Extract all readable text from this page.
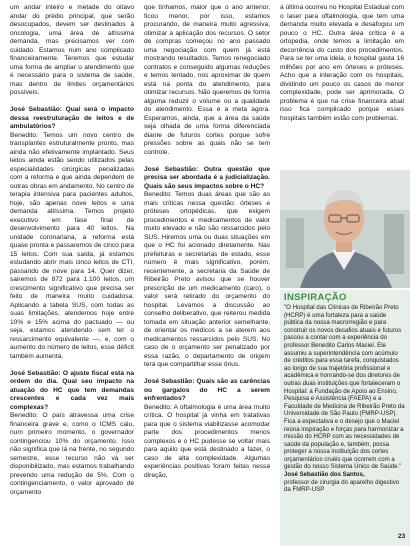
um andar inteiro e metade do oitavo andar do prédio principal, que serão desocupados, devem ser destinados à oncologia, uma área de altíssima demanda, mas precisamos ver com cuidado. Estamos num ano complicado financeiramente. Teremos que estudar uma forma de ampliar o atendimento que é necessário para o sistema de saúde, mas dentro de limites orçamentários possíveis.

José Sebastião: Qual será o impacto dessa reestruturação de leitos e de ambulatórios?

Benedito: Temos um novo centro de transplantes estruturalmente pronto, mas ainda não efetivamente implantado. Seus leitos ainda estão sendo utilizados pelas especialidades cirúrgicas penalizadas com a reforma e que ainda dependem de outras obras em andamento. No centro de terapia intensiva para pacientes adultos, hoje, são apenas nove leitos e uma demanda altíssima. Temos projeto executivo em fase final de desenvolvimento para 40 leitos. Na unidade coronariana, a reforma está quase pronta e passaremos de cinco para 15 leitos. Com sua saída, já estamos estudando abrir mais cinco leitos de CTI, passando de nove para 14. Quer dizer, sairemos de 872 para 1.100 leitos, um crescimento significativo que precisa ser feito de maneira muito cuidadosa. Aplicando a tabela SUS, com todas as suas limitações, atendemos hoje entre 10% e 15% acima do pactuado — ou seja, estamos atendendo sem ter o ressarcimento equivalente —, e, com o aumento do número de leitos, esse déficit também aumenta.

José Sebastião: O ajuste fiscal está na ordem do dia. Qual seu impacto na atuação do HC que tem demandas crescentes e cada vez mais complexas?

Benedito: O país atravessa uma crise financeira grave e, como o ICMS caiu, num primeiro momento, o governador contingenciou 10% do orçamento. Isso não significa que lá na frente, no segundo semestre, esse recurso não vá ser disponibilizado, mas estamos trabalhando prevendo uma redução de 5%. Com o contingenciamento, o valor aprovado de orçamento

que tínhamos, maior que o ano anterior, ficou menor, por isso, estamos procurando, de maneira muito agressiva, otimizar a aplicação dos recursos. O setor de compras começou no ano passado uma negociação com quem já está mostrando resultados. Temos renegociado contratos e conseguido algumas reduções e temos tentado, nos aproximar de quem está na ponta do atendimento, para otimizar recursos. Não queremos de forma alguma reduzir o volume ou a qualidade do atendimento. Essa é a meta agora. Esperamos, ainda, que a área da saúde seja olhada de uma forma diferenciada diante de futuros cortes porque sofre pressões sobre as quais não se tem controle.

José Sebastião: Outra questão que precisa ser abordada é a judicialização. Quais são seus impactos sobre o HC?

Benedito: Temos duas áreas que são as mais críticas nessa questão: órteses e próteses ortopédicas, que exigem procedimentos e medicamentos de valor muito elevado e não são ressarcidos pelo SUS. Hiremos uma ou duas situações em que o HC foi acionado diretamente. Nas prefeituras e secretarias de estado, esse número é mais significativo, porém, recentemente, a secretaria da Saúde de Ribeirão Preto avisou que se houver prescrição de um medicamento (caro), o valor será retirado do orçamento do hospital. Levamos a discussão ao conselho deliberativo, que reiterou medida tomada em situação anterior semelhante, de orientar os médicos a se aterem aos medicamentos ressarcidos pelo SUS. No caso de o orçamento ser penalizado por essa razão, o departamento de origem terá que compartilhar esse ônus.

José Sebastião: Quais são as carências ou gargalos do HC a serem enfrentados?

Benedito: A oftalmologia é uma área muito crítica. O hospital já vinha em tratativas para que o sistema viabilizasse acomodar parte dos procedimentos menos complexos e o HC pudesse se voltar mais para aquilo que está destinado a fazer, o caso de alta complexidade. Algumas experiências positivas foram feitas nessa direção,

a última ocorreu no Hospital Estadual com o laser para oftalmologia, que tem uma demanda muito elevada e desafogou um pouco o HC. Outra área crítica é a ortopedia, onde temos a limitação em decorrência do custo dos procedimentos. Para se ter uma ideia, o hospital gasta 16 milhões por ano em órteses e próteses. Acho que a interação com os hospitais, dividindo um pouco os casos de menor complexidade, pode ser aprimorada. O problema é que na crise financeira atual isso fica complicado porque esses hospitais também estão com problemas.

INSPIRAÇÃO
"O Hospital das Clínicas de Ribeirão Preto (HCRP) é uma fortaleza para a saúde pública da nossa macrorregião e para construir os novos desafios atuais e futuros passou a contar com a experiência do professor Benedito Carlos Maciel. Ele assumiu a superintendência com acúmulo de créditos para essa tarefa, conquistados ao longo de sua trajetória profissional e acadêmica e honrando-se dos diretores de outras duas instituições que fortaleceram o Hospital: a Fundação de Apoio ao Ensino, Pesquisa e Assistência (FAEPA) e a Faculdade de Medicina de Ribeirão Preto da Universidade de São Paulo (FMRP-USP). Fica a expectativa e o desejo que o Maciel reúna inspiração e forças para harmonizar a missão do HCRP com as necessidades de saúde da população e, também, possa proteger a nossa instituição dos cortes orçamentários cruéis que ocorrem com a gestão do nosso Sistema Único de Saúde."
José Sebastião dos Santos,
professor de cirurgia do aparelho digestivo da FMRP-USP
23
